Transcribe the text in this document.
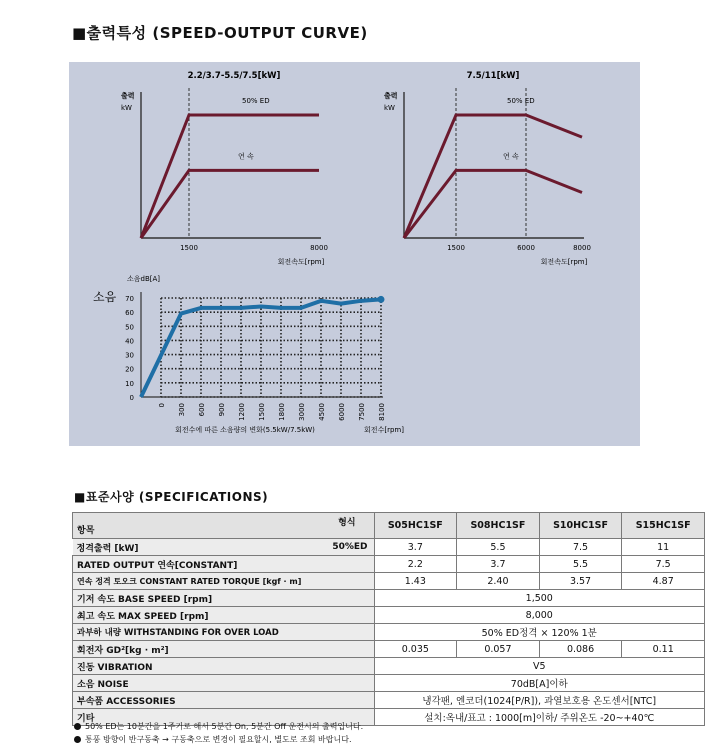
■출력특성 (SPEED-OUTPUT CURVE)
2.2/3.7-5.5/7.5[kW]
출력
kW
1500	8000
회전속도[rpm]
50% ED
연 속
7.5/11[kW]
출력
kW
1500	6000	8000
회전속도[rpm]
50% ED
연 속
소음dB[A]
소음
0
10
20
30
40
50
60
70
0 300 600 900 1200 1500 1800 3000 4500 6000 7500 8100
회전수에 따른 소음량의 변화(5.5kW/7.5kW)	회전수[rpm]
■표준사양 (SPECIFICATIONS)
형식
항목		S05HC1SF	S08HC1SF	S10HC1SF	S15HC1SF
정격출력 [kW]	50%ED	3.7	5.5	7.5	11
RATED OUTPUT 연속[CONSTANT]		2.2	3.7	5.5	7.5
연속 정격 토오크 CONSTANT RATED TORQUE [kgf · m]		1.43	2.40	3.57	4.87
기저 속도 BASE SPEED [rpm]		1,500			
최고 속도 MAX SPEED [rpm]		8,000			
과부하 내량 WITHSTANDING FOR OVER LOAD		50% ED정격 × 120% 1분			
회전자 GD²[kg · m²]		0.035	0.057	0.086	0.11
진동 VIBRATION		V5			
소음 NOISE		70dB[A]이하			
부속품 ACCESSORIES		냉각팬, 엔코더(1024[P/R]), 과열보호용 온도센서[NTC]			
기타		설치:옥내/표고 : 1000[m]이하/ 주위온도 -20~+40℃			
50% ED는 10분간을 1주기로 해서 5분간 On, 5분간 Off 운전시의 출력입니다.
통풍 방향이 반구동축 → 구동축으로 변경이 필요할시, 별도로 조회 바랍니다.
